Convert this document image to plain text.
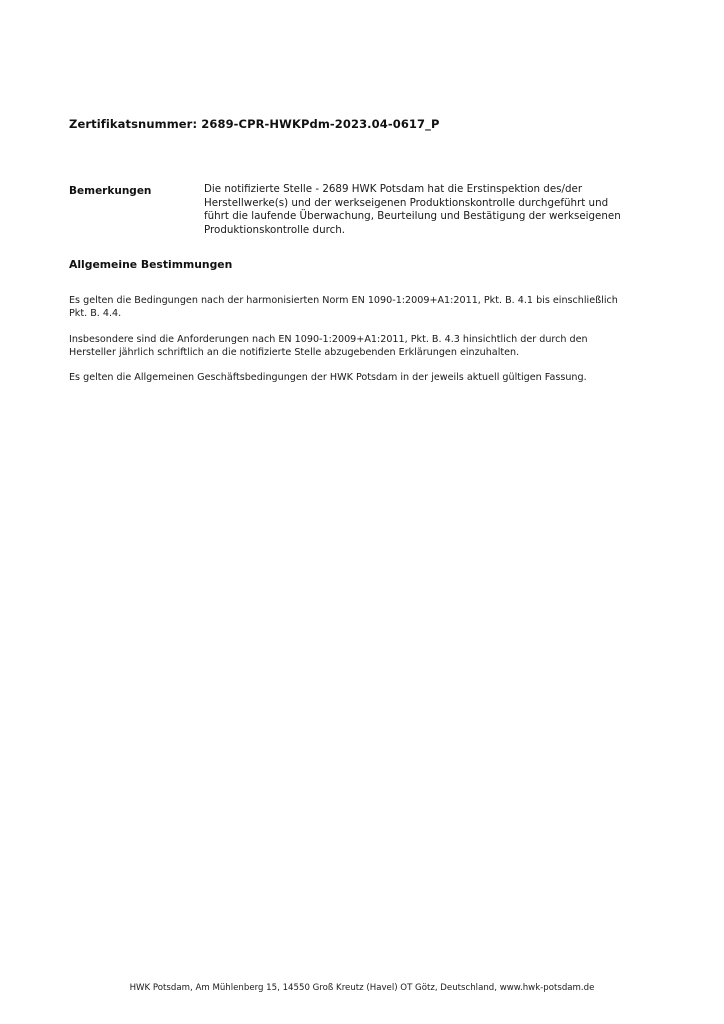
Zertifikatsnummer: 2689-CPR-HWKPdm-2023.04-0617_P
Bemerkungen	Die notifizierte Stelle - 2689 HWK Potsdam hat die Erstinspektion des/der Herstellwerke(s) und der werkseigenen Produktionskontrolle durchgeführt und führt die laufende Überwachung, Beurteilung und Bestätigung der werkseigenen Produktionskontrolle durch.
Allgemeine Bestimmungen
Es gelten die Bedingungen nach der harmonisierten Norm EN 1090-1:2009+A1:2011, Pkt. B. 4.1 bis einschließlich Pkt. B. 4.4.
Insbesondere sind die Anforderungen nach EN 1090-1:2009+A1:2011, Pkt. B. 4.3 hinsichtlich der durch den Hersteller jährlich schriftlich an die notifizierte Stelle abzugebenden Erklärungen einzuhalten.
Es gelten die Allgemeinen Geschäftsbedingungen der HWK Potsdam in der jeweils aktuell gültigen Fassung.
HWK Potsdam, Am Mühlenberg 15, 14550 Groß Kreutz (Havel) OT Götz, Deutschland, www.hwk-potsdam.de
